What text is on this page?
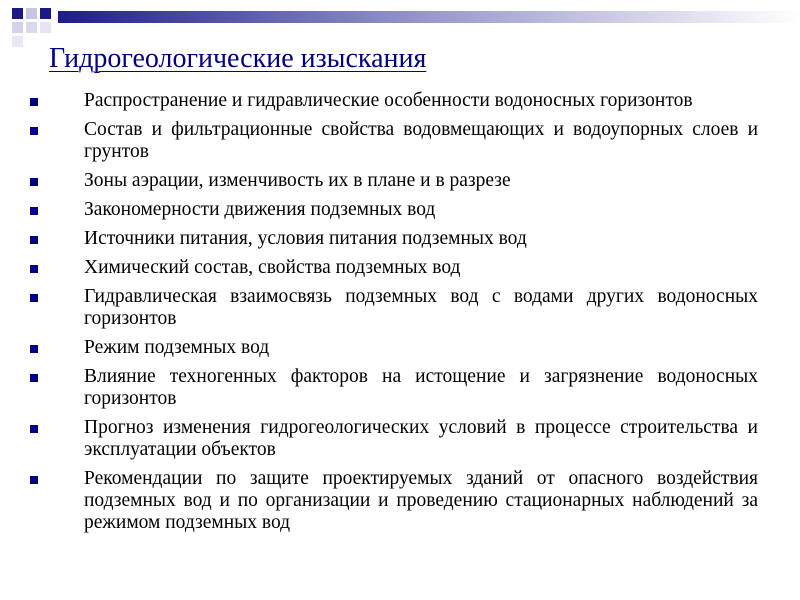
Гидрогеологические изыскания
Распространение и гидравлические особенности водоносных горизонтов
Состав и фильтрационные свойства водовмещающих и водоупорных слоев и грунтов
Зоны аэрации, изменчивость их в плане и в разрезе
Закономерности движения подземных вод
Источники питания, условия питания подземных вод
Химический состав, свойства подземных вод
Гидравлическая взаимосвязь подземных вод с водами других водоносных горизонтов
Режим подземных вод
Влияние техногенных факторов на истощение и загрязнение водоносных горизонтов
Прогноз изменения гидрогеологических условий в процессе строительства и эксплуатации объектов
Рекомендации по защите проектируемых зданий от опасного воздействия подземных вод и по организации и проведению стационарных наблюдений за режимом подземных вод
